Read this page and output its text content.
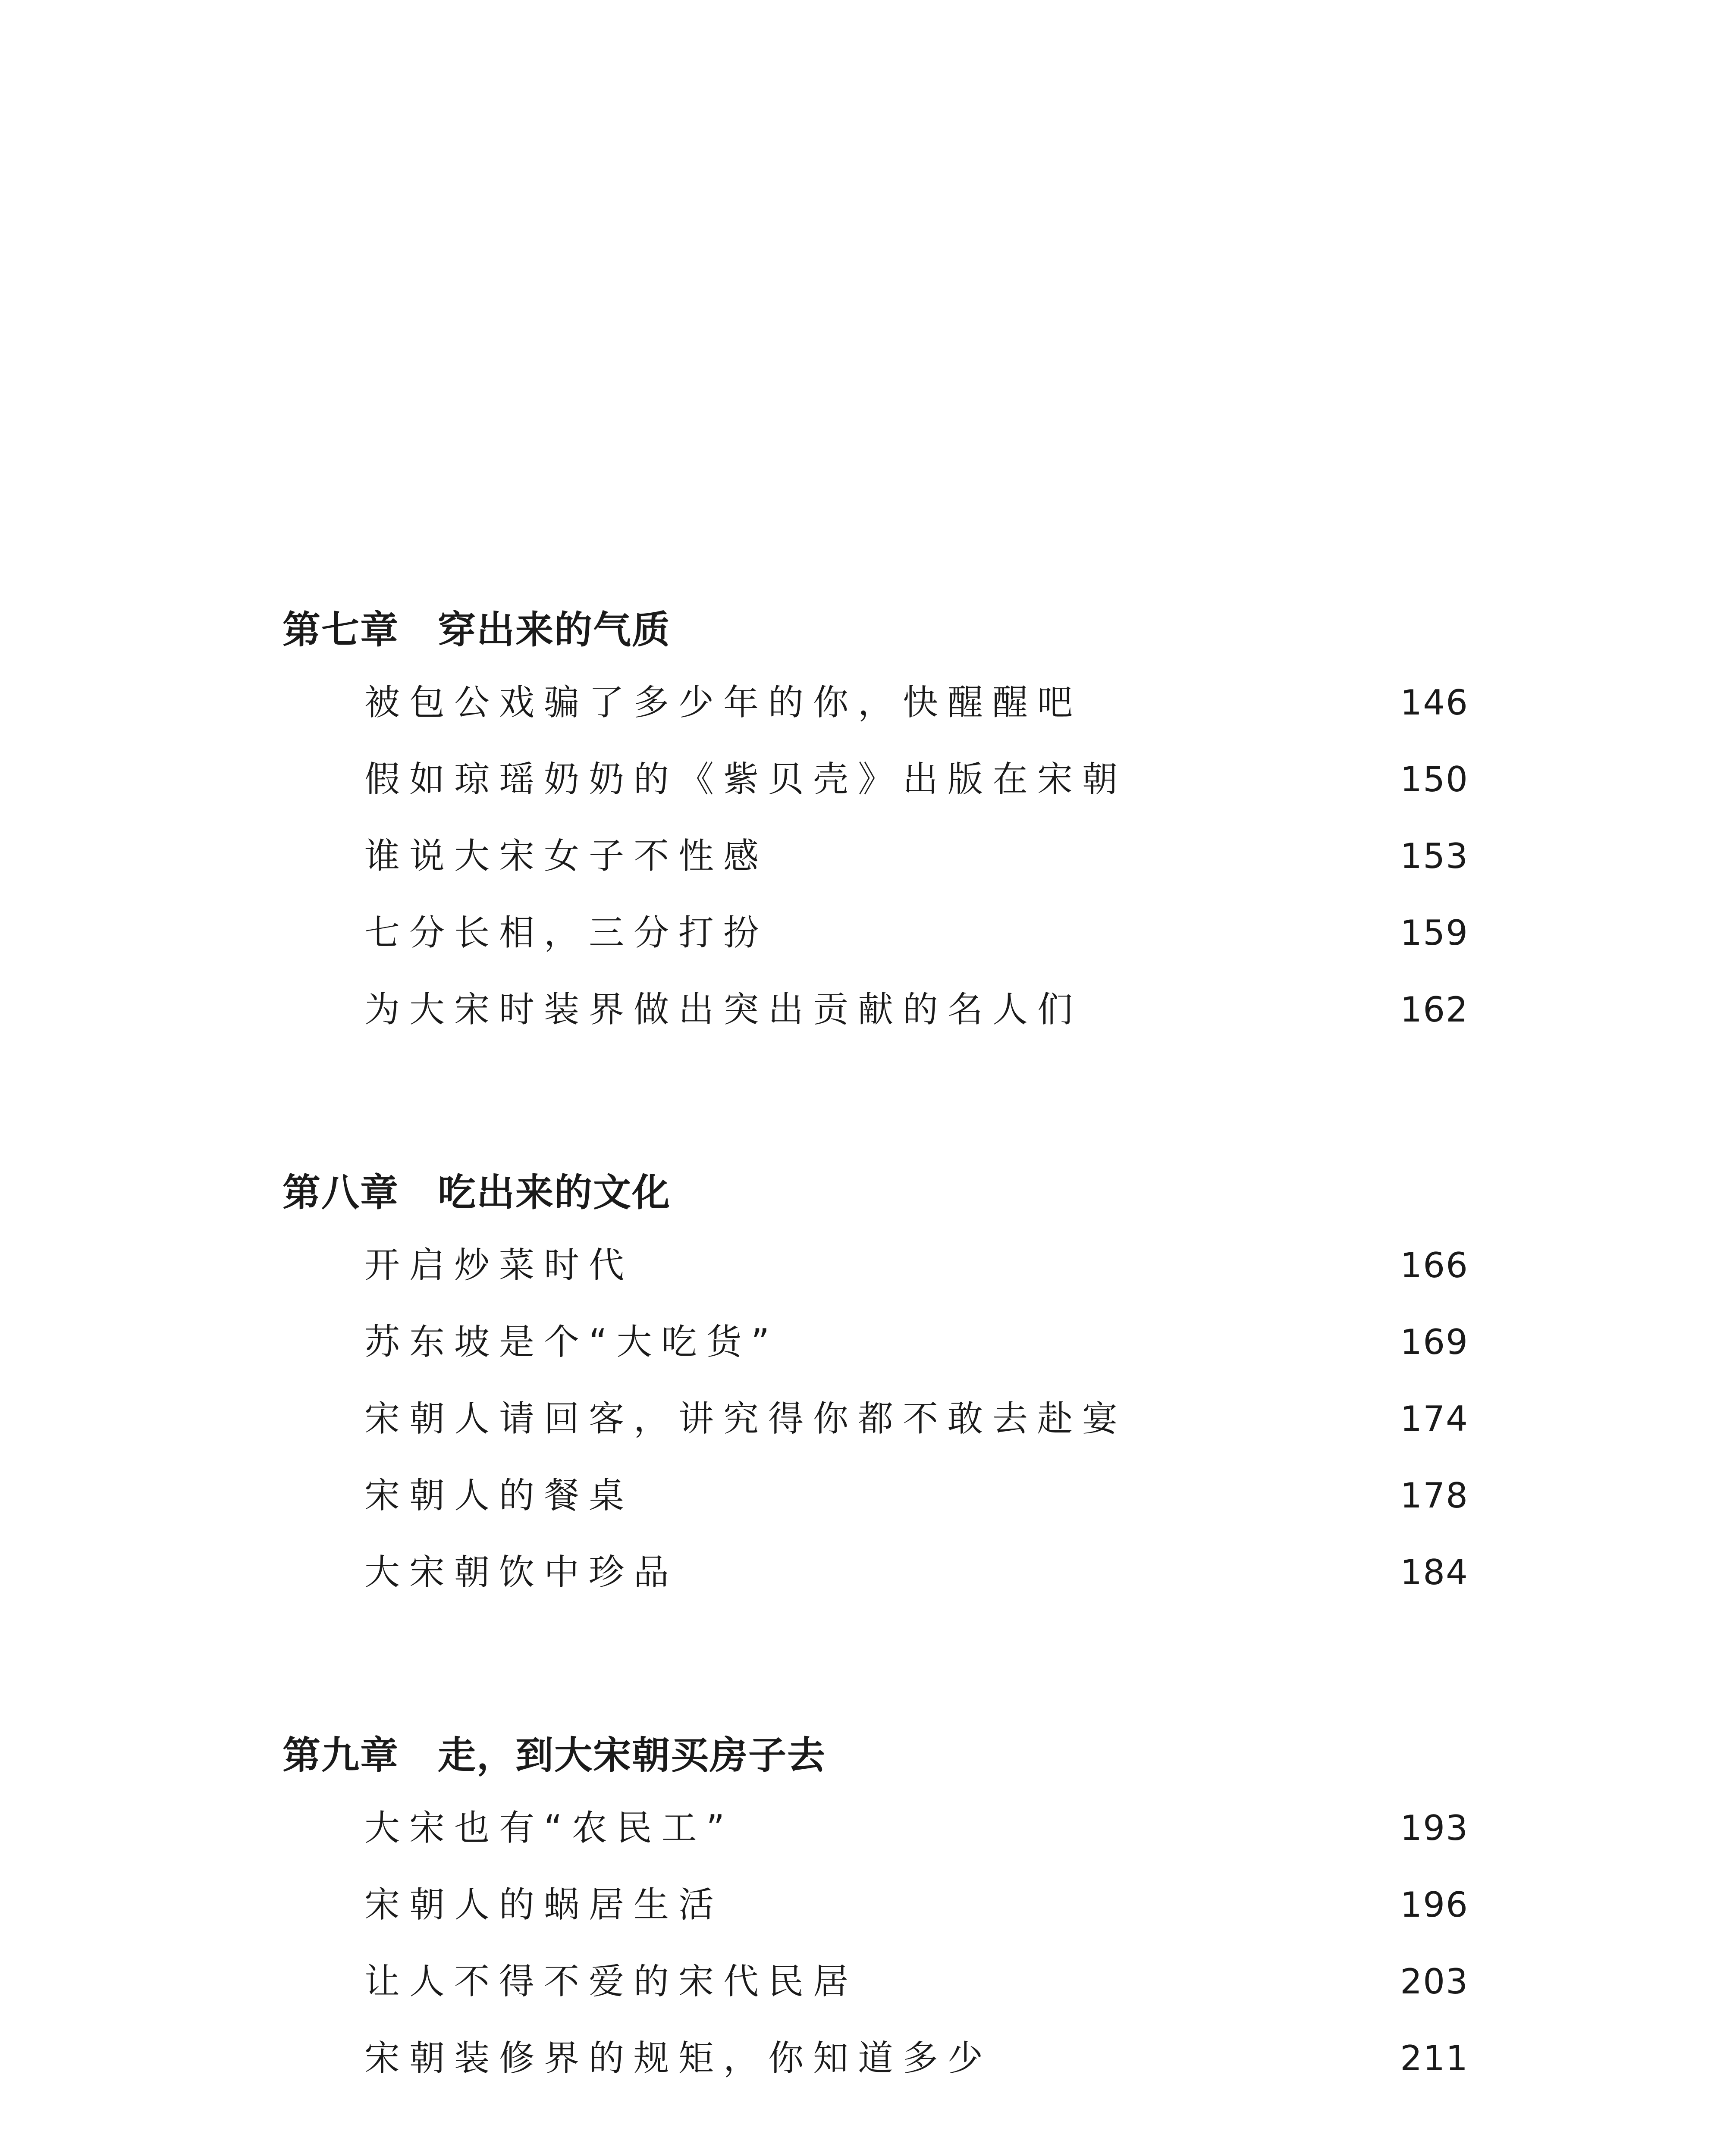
第七章　穿出来的气质
被包公戏骗了多少年的你，快醒醒吧	146
假如琼瑶奶奶的《紫贝壳》出版在宋朝	150
谁说大宋女子不性感	153
七分长相，三分打扮	159
为大宋时装界做出突出贡献的名人们	162
第八章　吃出来的文化
开启炒菜时代	166
苏东坡是个“大吃货”	169
宋朝人请回客，讲究得你都不敢去赴宴	174
宋朝人的餐桌	178
大宋朝饮中珍品	184
第九章　走，到大宋朝买房子去
大宋也有“农民工”	193
宋朝人的蜗居生活	196
让人不得不爱的宋代民居	203
宋朝装修界的规矩，你知道多少	211
